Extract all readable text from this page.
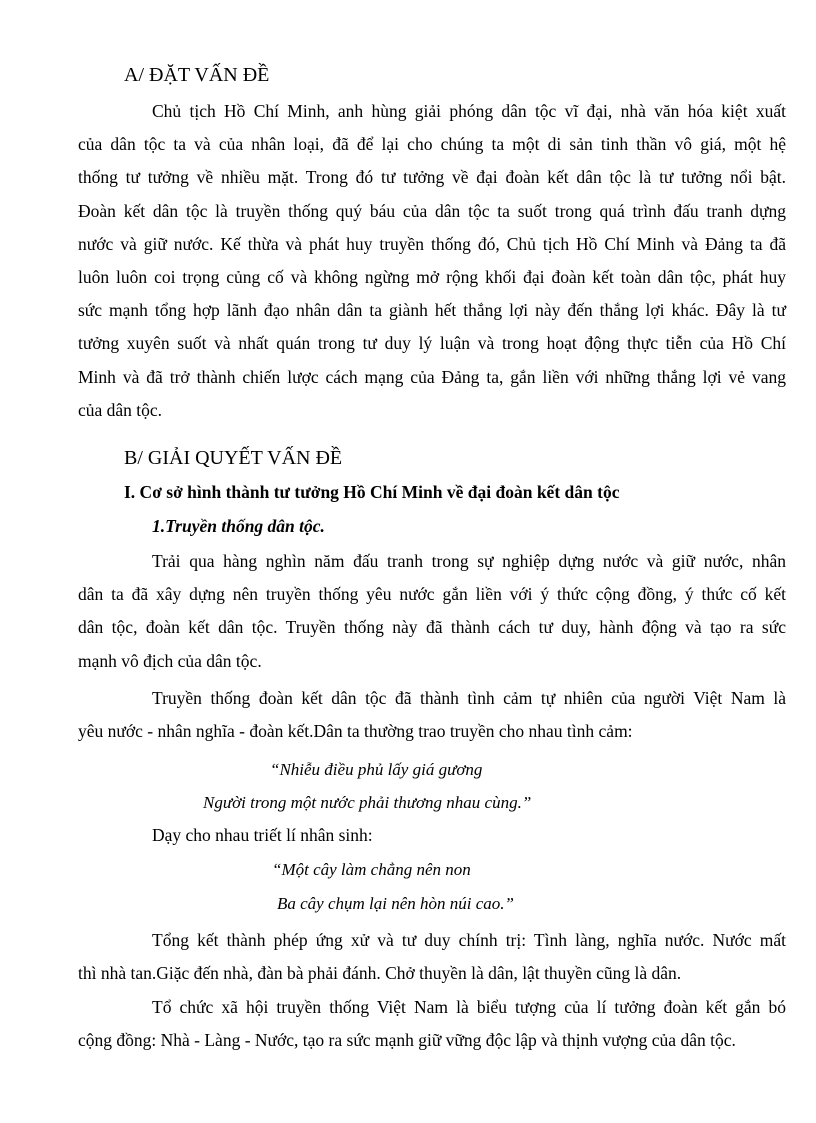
A/ ĐẶT VẤN ĐỀ
Chủ tịch Hồ Chí Minh, anh hùng giải phóng dân tộc vĩ đại, nhà văn hóa kiệt xuất
của dân tộc ta và của nhân loại, đã để lại cho chúng ta một di sản tinh thần vô giá, một hệ
thống tư tưởng về nhiều mặt. Trong đó tư tưởng về đại đoàn kết dân tộc là tư tưởng nổi bật.
Đoàn kết dân tộc là truyền thống quý báu của dân tộc ta suốt trong quá trình đấu tranh dựng
nước và giữ nước. Kế thừa và phát huy truyền thống đó, Chủ tịch Hồ Chí Minh và Đảng ta đã
luôn luôn coi trọng củng cố và không ngừng mở rộng khối đại đoàn kết toàn dân tộc, phát huy
sức mạnh tổng hợp lãnh đạo nhân dân ta giành hết thắng lợi này đến thắng lợi khác. Đây là tư
tưởng xuyên suốt và nhất quán trong tư duy lý luận và trong hoạt động thực tiễn của Hồ Chí
Minh và đã trở thành chiến lược cách mạng của Đảng ta, gắn liền với những thắng lợi vẻ vang
của dân tộc.
B/ GIẢI QUYẾT VẤN ĐỀ
I. Cơ sở hình thành tư tưởng Hồ Chí Minh về đại đoàn kết dân tộc
1.Truyền thống dân tộc.
Trải qua hàng nghìn năm đấu tranh trong sự nghiệp dựng nước và giữ nước, nhân
dân ta đã xây dựng nên truyền thống yêu nước gắn liền với ý thức cộng đồng, ý thức cố kết
dân tộc, đoàn kết dân tộc. Truyền thống này đã thành cách tư duy, hành động và tạo ra sức
mạnh vô địch của dân tộc.
Truyền thống đoàn kết dân tộc đã thành tình cảm tự nhiên của người Việt Nam là
yêu nước - nhân nghĩa - đoàn kết.Dân ta thường trao truyền cho nhau tình cảm:
“Nhiễu điều phủ lấy giá gương
Người trong một nước phải thương nhau cùng.”
Dạy cho nhau triết lí nhân sinh:
“Một cây làm chẳng nên non
Ba cây chụm lại nên hòn núi cao.”
Tổng kết thành phép ứng xử và tư duy chính trị: Tình làng, nghĩa nước. Nước mất
thì nhà tan.Giặc đến nhà, đàn bà phải đánh. Chở thuyền là dân, lật thuyền cũng là dân.
Tổ chức xã hội truyền thống Việt Nam là biểu tượng của lí tưởng đoàn kết gắn bó
cộng đồng: Nhà - Làng - Nước, tạo ra sức mạnh giữ vững độc lập và thịnh vượng của dân tộc.
